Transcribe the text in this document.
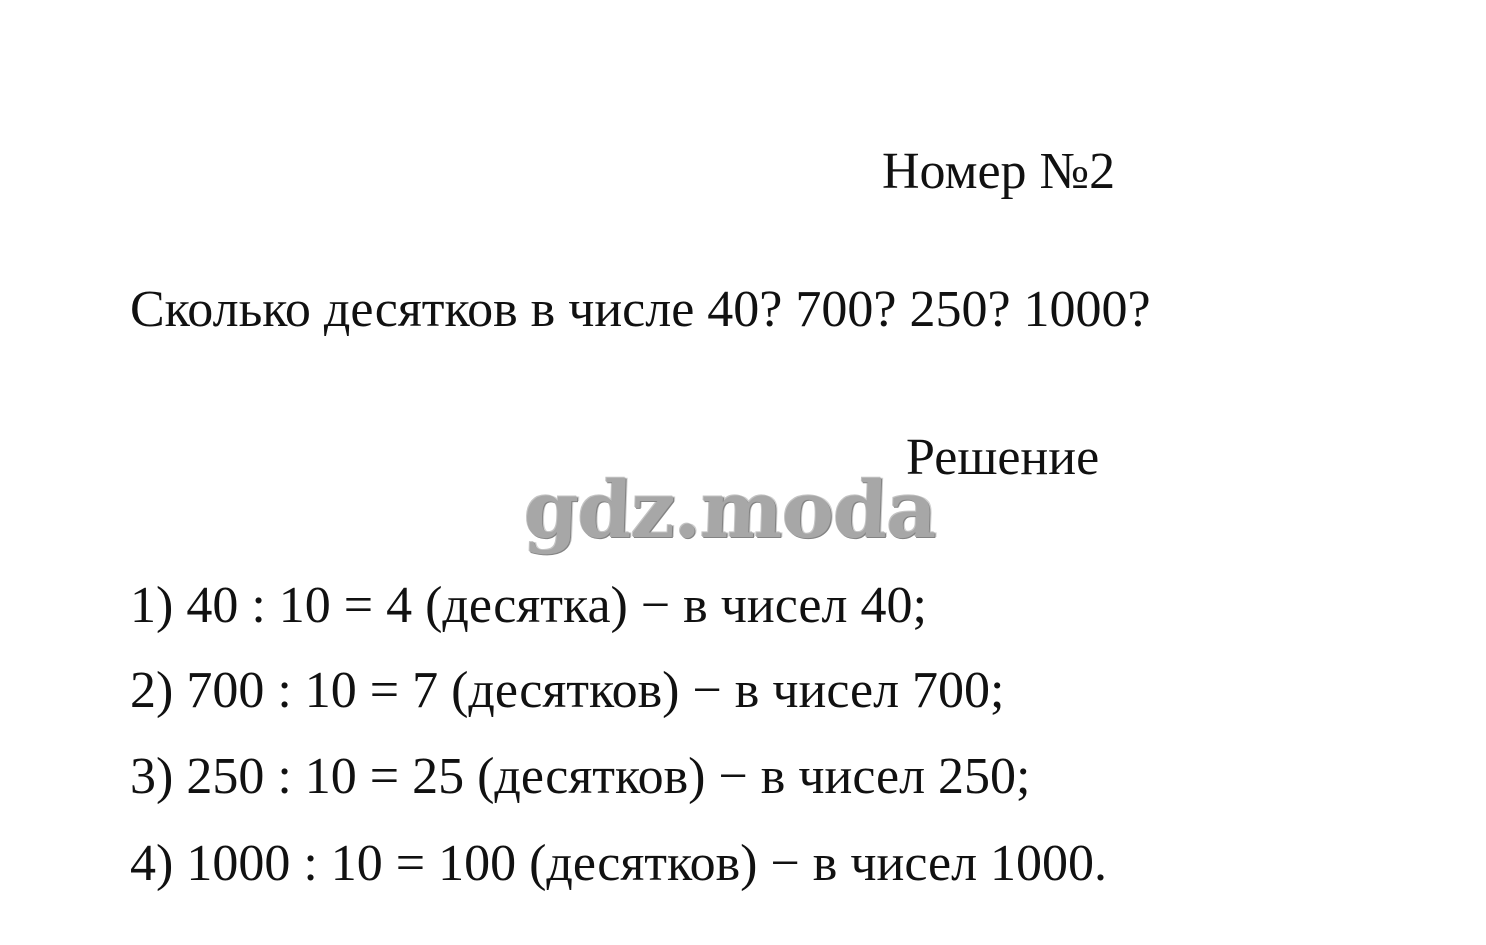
Номер №2
Сколько десятков в числе 40? 700? 250? 1000?
Решение
gdz.moda
1) 40 : 10 = 4 (десятка) − в чисел 40;
2) 700 : 10 = 7 (десятков) − в чисел 700;
3) 250 : 10 = 25 (десятков) − в чисел 250;
4) 1000 : 10 = 100 (десятков) − в чисел 1000.
